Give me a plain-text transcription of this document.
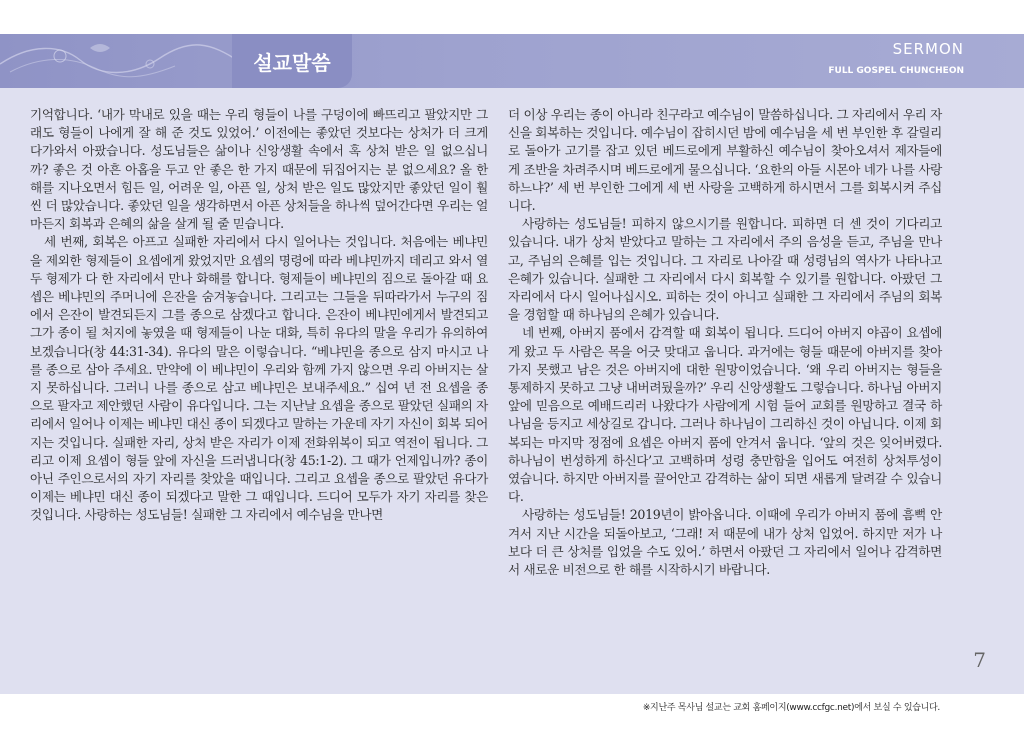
설교말씀
SERMON
FULL GOSPEL CHUNCHEON

기억합니다. ‘내가 막내로 있을 때는 우리 형들이 나를 구덩이에 빠뜨리고 팔았지만 그래도 형들이 나에게 잘 해 준 것도 있었어.’ 이전에는 좋았던 것보다는 상처가 더 크게 다가와서 아팠습니다. 성도님들은 삶이나 신앙생활 속에서 혹 상처 받은 일 없으십니까? 좋은 것 아흔 아홉을 두고 안 좋은 한 가지 때문에 뒤집어지는 분 없으세요? 올 한 해를 지나오면서 힘든 일, 어려운 일, 아픈 일, 상처 받은 일도 많았지만 좋았던 일이 훨씬 더 많았습니다. 좋았던 일을 생각하면서 아픈 상처들을 하나씩 덮어간다면 우리는 얼마든지 회복과 은혜의 삶을 살게 될 줄 믿습니다.

세 번째, 회복은 아프고 실패한 자리에서 다시 일어나는 것입니다. 처음에는 베냐민을 제외한 형제들이 요셉에게 왔었지만 요셉의 명령에 따라 베냐민까지 데리고 와서 열 두 형제가 다 한 자리에서 만나 화해를 합니다. 형제들이 베냐민의 짐으로 돌아갈 때 요셉은 베냐민의 주머니에 은잔을 숨겨놓습니다. 그리고는 그들을 뒤따라가서 누구의 짐에서 은잔이 발견되든지 그를 종으로 삼겠다고 합니다. 은잔이 베냐민에게서 발견되고 그가 종이 될 처지에 놓였을 때 형제들이 나눈 대화, 특히 유다의 말을 우리가 유의하여 보겠습니다(창 44:31-34). 유다의 말은 이렇습니다. “베냐민을 종으로 삼지 마시고 나를 종으로 삼아 주세요. 만약에 이 베냐민이 우리와 함께 가지 않으면 우리 아버지는 살지 못하십니다. 그러니 나를 종으로 삼고 베냐민은 보내주세요.” 십여 년 전 요셉을 종으로 팔자고 제안했던 사람이 유다입니다. 그는 지난날 요셉을 종으로 팔았던 실패의 자리에서 일어나 이제는 베냐민 대신 종이 되겠다고 말하는 가운데 자기 자신이 회복 되어지는 것입니다. 실패한 자리, 상처 받은 자리가 이제 전화위복이 되고 역전이 됩니다. 그리고 이제 요셉이 형들 앞에 자신을 드러냅니다(창 45:1-2). 그 때가 언제입니까? 종이 아닌 주인으로서의 자기 자리를 찾았을 때입니다. 그리고 요셉을 종으로 팔았던 유다가 이제는 베냐민 대신 종이 되겠다고 말한 그 때입니다. 드디어 모두가 자기 자리를 찾은 것입니다. 사랑하는 성도님들! 실패한 그 자리에서 예수님을 만나면

더 이상 우리는 종이 아니라 친구라고 예수님이 말씀하십니다. 그 자리에서 우리 자신을 회복하는 것입니다. 예수님이 잡히시던 밤에 예수님을 세 번 부인한 후 갈릴리로 돌아가 고기를 잡고 있던 베드로에게 부활하신 예수님이 찾아오셔서 제자들에게 조반을 차려주시며 베드로에게 물으십니다. ‘요한의 아들 시몬아 네가 나를 사랑하느냐?’ 세 번 부인한 그에게 세 번 사랑을 고백하게 하시면서 그를 회복시켜 주십니다.

사랑하는 성도님들! 피하지 않으시기를 원합니다. 피하면 더 센 것이 기다리고 있습니다. 내가 상처 받았다고 말하는 그 자리에서 주의 음성을 듣고, 주님을 만나고, 주님의 은혜를 입는 것입니다. 그 자리로 나아갈 때 성령님의 역사가 나타나고 은혜가 있습니다. 실패한 그 자리에서 다시 회복할 수 있기를 원합니다. 아팠던 그 자리에서 다시 일어나십시오. 피하는 것이 아니고 실패한 그 자리에서 주님의 회복을 경험할 때 하나님의 은혜가 있습니다.

네 번째, 아버지 품에서 감격할 때 회복이 됩니다. 드디어 아버지 야곱이 요셉에게 왔고 두 사람은 목을 어긋 맞대고 웁니다. 과거에는 형들 때문에 아버지를 찾아가지 못했고 남은 것은 아버지에 대한 원망이었습니다. ‘왜 우리 아버지는 형들을 통제하지 못하고 그냥 내버려뒀을까?’ 우리 신앙생활도 그렇습니다. 하나님 아버지 앞에 믿음으로 예배드리러 나왔다가 사람에게 시험 들어 교회를 원망하고 결국 하나님을 등지고 세상길로 갑니다. 그러나 하나님이 그리하신 것이 아닙니다. 이제 회복되는 마지막 정점에 요셉은 아버지 품에 안겨서 웁니다. ‘앞의 것은 잊어버렸다. 하나님이 번성하게 하신다’고 고백하며 성령 충만함을 입어도 여전히 상처투성이였습니다. 하지만 아버지를 끌어안고 감격하는 삶이 되면 새롭게 달려갈 수 있습니다.

사랑하는 성도님들! 2019년이 밝아옵니다. 이때에 우리가 아버지 품에 흠뻑 안겨서 지난 시간을 되돌아보고, ‘그래! 저 때문에 내가 상처 입었어. 하지만 저가 나보다 더 큰 상처를 입었을 수도 있어.’ 하면서 아팠던 그 자리에서 일어나 감격하면서 새로운 비전으로 한 해를 시작하시기 바랍니다.

7
※지난주 목사님 설교는 교회 홈페이지(www.ccfgc.net)에서 보실 수 있습니다.
